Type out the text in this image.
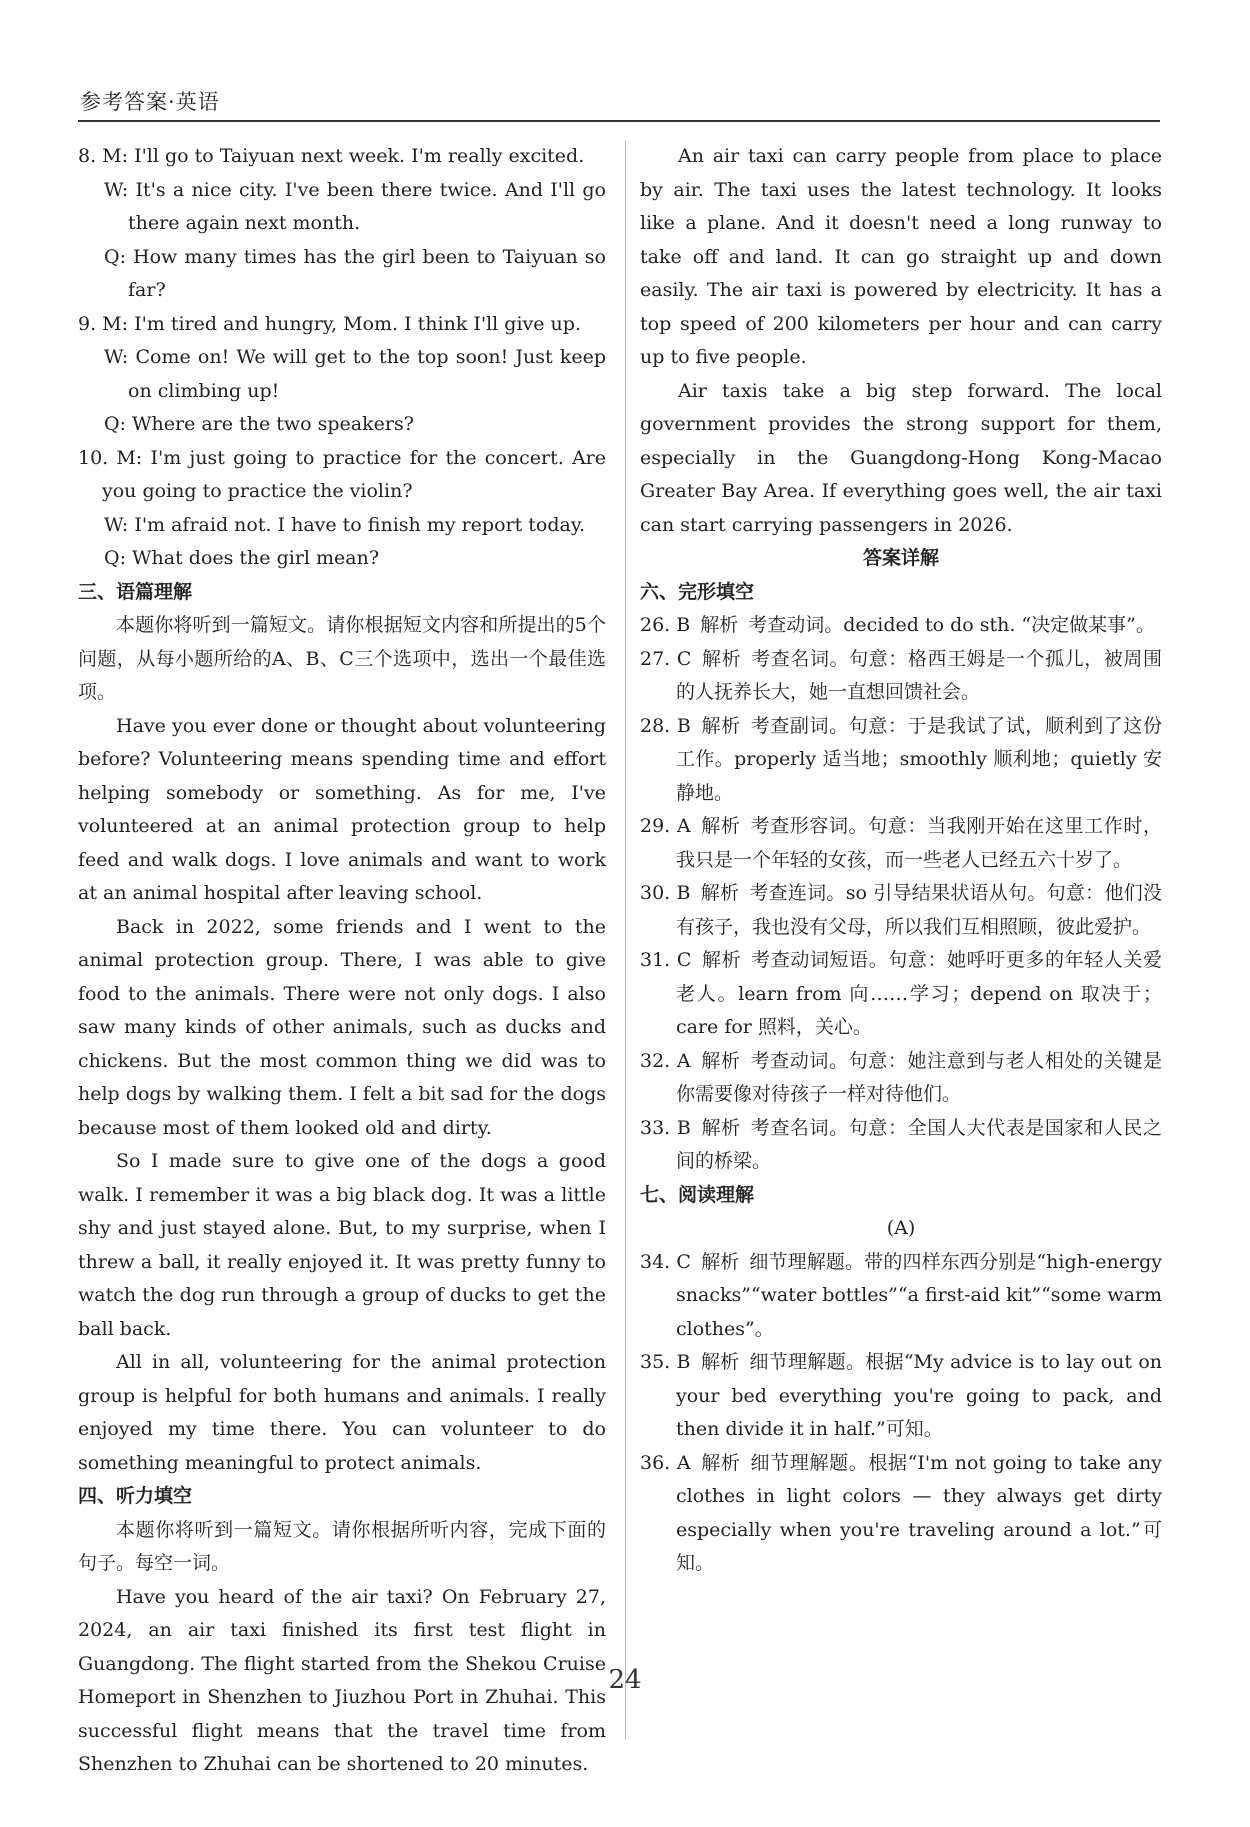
参考答案·英语

8. M: I'll go to Taiyuan next week. I'm really excited.

W: It's a nice city. I've been there twice. And I'll go there again next month.

Q: How many times has the girl been to Taiyuan so far?

9. M: I'm tired and hungry, Mom. I think I'll give up.

W: Come on! We will get to the top soon! Just keep on climbing up!

Q: Where are the two speakers?

10. M: I'm just going to practice for the concert. Are you going to practice the violin?

W: I'm afraid not. I have to finish my report today.

Q: What does the girl mean?

三、语篇理解

本题你将听到一篇短文。请你根据短文内容和所提出的5个问题，从每小题所给的A、B、C三个选项中，选出一个最佳选项。

Have you ever done or thought about volunteering before? Volunteering means spending time and effort helping somebody or something. As for me, I've volunteered at an animal protection group to help feed and walk dogs. I love animals and want to work at an animal hospital after leaving school.

Back in 2022, some friends and I went to the animal protection group. There, I was able to give food to the animals. There were not only dogs. I also saw many kinds of other animals, such as ducks and chickens. But the most common thing we did was to help dogs by walking them. I felt a bit sad for the dogs because most of them looked old and dirty.

So I made sure to give one of the dogs a good walk. I remember it was a big black dog. It was a little shy and just stayed alone. But, to my surprise, when I threw a ball, it really enjoyed it. It was pretty funny to watch the dog run through a group of ducks to get the ball back.

All in all, volunteering for the animal protection group is helpful for both humans and animals. I really enjoyed my time there. You can volunteer to do something meaningful to protect animals.

四、听力填空

本题你将听到一篇短文。请你根据所听内容，完成下面的句子。每空一词。

Have you heard of the air taxi? On February 27, 2024, an air taxi finished its first test flight in Guangdong. The flight started from the Shekou Cruise Homeport in Shenzhen to Jiuzhou Port in Zhuhai. This successful flight means that the travel time from Shenzhen to Zhuhai can be shortened to 20 minutes.

An air taxi can carry people from place to place by air. The taxi uses the latest technology. It looks like a plane. And it doesn't need a long runway to take off and land. It can go straight up and down easily. The air taxi is powered by electricity. It has a top speed of 200 kilometers per hour and can carry up to five people.

Air taxis take a big step forward. The local government provides the strong support for them, especially in the Guangdong-Hong Kong-Macao Greater Bay Area. If everything goes well, the air taxi can start carrying passengers in 2026.

答案详解

六、完形填空

26. B 解析 考查动词。decided to do sth. “决定做某事”。

27. C 解析 考查名词。句意：格西王姆是一个孤儿，被周围的人抚养长大，她一直想回馈社会。

28. B 解析 考查副词。句意：于是我试了试，顺利到了这份工作。properly 适当地；smoothly 顺利地；quietly 安静地。

29. A 解析 考查形容词。句意：当我刚开始在这里工作时，我只是一个年轻的女孩，而一些老人已经五六十岁了。

30. B 解析 考查连词。so 引导结果状语从句。句意：他们没有孩子，我也没有父母，所以我们互相照顾，彼此爱护。

31. C 解析 考查动词短语。句意：她呼吁更多的年轻人关爱老人。learn from 向……学习；depend on 取决于；care for 照料，关心。

32. A 解析 考查动词。句意：她注意到与老人相处的关键是你需要像对待孩子一样对待他们。

33. B 解析 考查名词。句意：全国人大代表是国家和人民之间的桥梁。

七、阅读理解

(A)

34. C 解析 细节理解题。带的四样东西分别是“high-energy snacks”“water bottles”“a first-aid kit”“some warm clothes”。

35. B 解析 细节理解题。根据“My advice is to lay out on your bed everything you're going to pack, and then divide it in half.”可知。

36. A 解析 细节理解题。根据“I'm not going to take any clothes in light colors — they always get dirty especially when you're traveling around a lot.”可知。

24
